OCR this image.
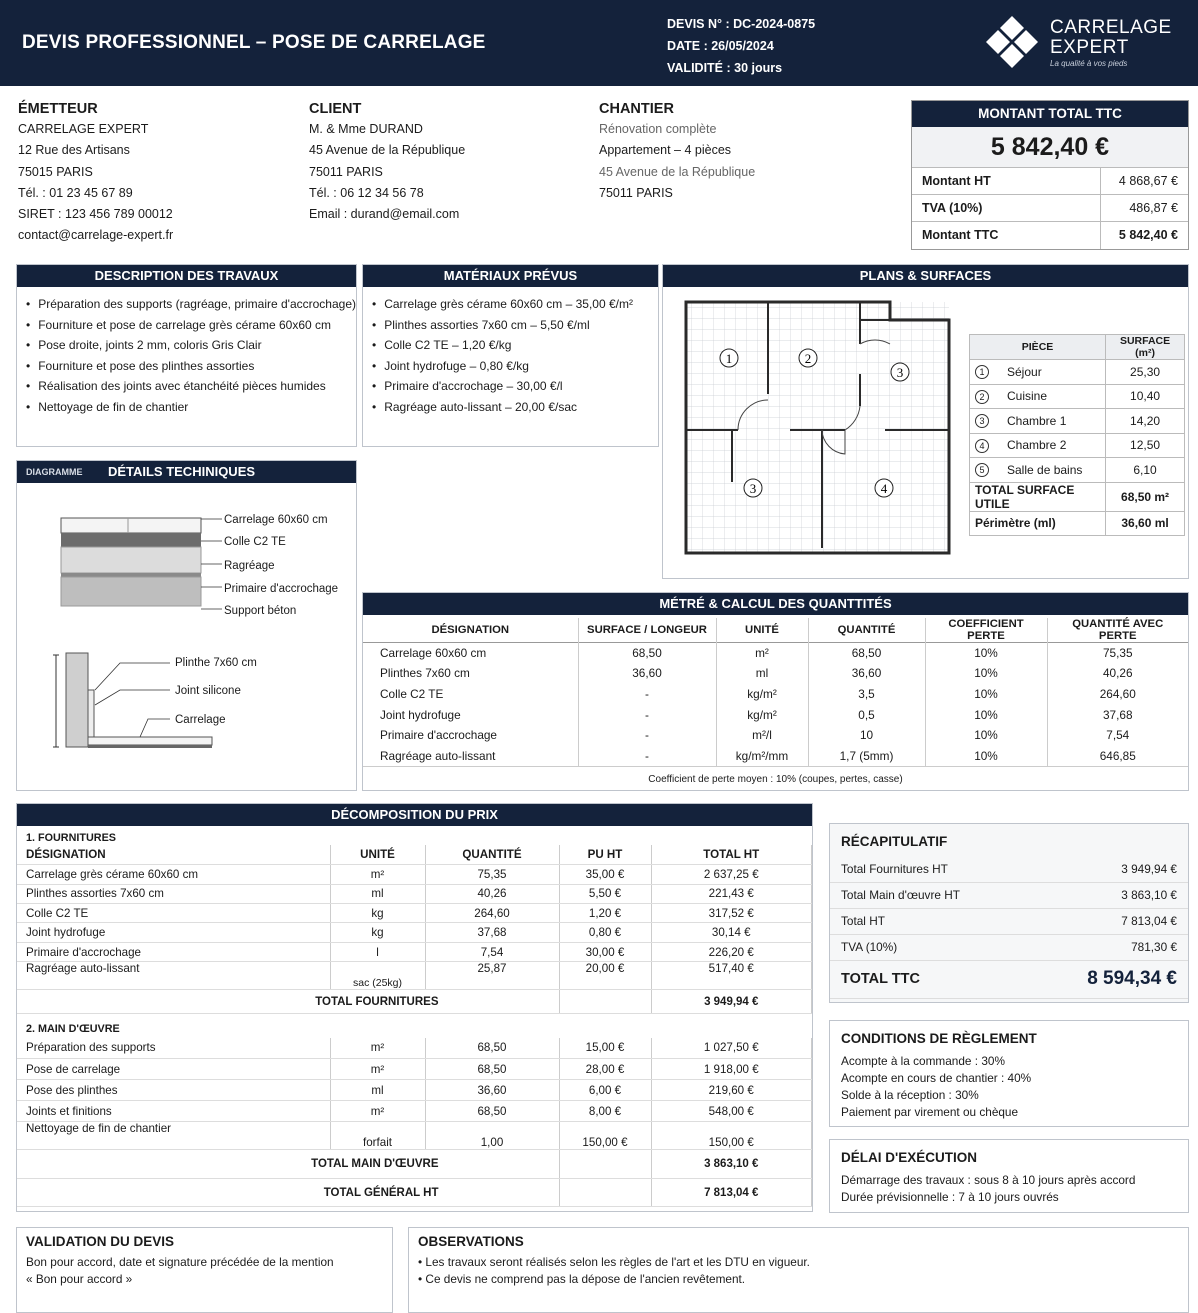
DEVIS PROFESSIONNEL – POSE DE CARRELAGE
DEVIS N° : DC-2024-0875
DATE : 26/05/2024
VALIDITÉ : 30 jours
CARRELAGE
EXPERT
La qualité à vos pieds
ÉMETTEUR
CARRELAGE EXPERT
12 Rue des Artisans
75015 PARIS
Tél. : 01 23 45 67 89
SIRET : 123 456 789 00012
contact@carrelage-expert.fr
CLIENT
M. & Mme DURAND
45 Avenue de la République
75011 PARIS
Tél. : 06 12 34 56 78
Email : durand@email.com
CHANTIER
Rénovation complète
Appartement – 4 pièces
45 Avenue de la République
75011 PARIS
MONTANT TOTAL TTC
5 842,40 €
Montant HT	4 868,67 €
TVA (10%)	486,87 €
Montant TTC	5 842,40 €
DESCRIPTION DES TRAVAUX
• Préparation des supports (ragréage, primaire d'accrochage)
• Fourniture et pose de carrelage grès cérame 60x60 cm
• Pose droite, joints 2 mm, coloris Gris Clair
• Fourniture et pose des plinthes assorties
• Réalisation des joints avec étanchéité pièces humides
• Nettoyage de fin de chantier
MATÉRIAUX PRÉVUS
• Carrelage grès cérame 60x60 cm – 35,00 €/m²
• Plinthes assorties 7x60 cm – 5,50 €/ml
• Colle C2 TE – 1,20 €/kg
• Joint hydrofuge – 0,80 €/kg
• Primaire d'accrochage – 30,00 €/l
• Ragréage auto-lissant – 20,00 €/sac
PLANS & SURFACES
1	2
3
3	4
PIÈCE		SURFACE (m²)
1	Séjour	25,30
2	Cuisine	10,40
3	Chambre 1	14,20
4	Chambre 2	12,50
5	Salle de bains	6,10
TOTAL SURFACE UTILE		68,50 m²
Périmètre (ml)		36,60 ml
DIAGRAMME DÉTAILS TECHINIQUES
Carrelage 60x60 cm
Colle C2 TE
Ragréage
Primaire d'accrochage
Support béton
Plinthe 7x60 cm
Joint silicone
Carrelage
MÉTRÉ & CALCUL DES QUANTTITÉS
DÉSIGNATION	SURFACE / LONGEUR	UNITÉ	QUANTITÉ	COEFFICIENT PERTE	QUANTITÉ AVEC PERTE
Carrelage 60x60 cm	68,50	m²	68,50	10%	75,35
Plinthes 7x60 cm	36,60	ml	36,60	10%	40,26
Colle C2 TE	-	kg/m²	3,5	10%	264,60
Joint hydrofuge	-	kg/m²	0,5	10%	37,68
Primaire d'accrochage	-	m²/l	10	10%	7,54
Ragréage auto-lissant	-	kg/m²/mm	1,7 (5mm)	10%	646,85
Coefficient de perte moyen : 10% (coupes, pertes, casse)
DÉCOMPOSITION DU PRIX
1. FOURNITURES				
DÉSIGNATION	UNITÉ	QUANTITÉ	PU HT	TOTAL HT
Carrelage grès cérame 60x60 cm	m²	75,35	35,00 €	2 637,25 €
Plinthes assorties 7x60 cm	ml	40,26	5,50 €	221,43 €
Colle C2 TE	kg	264,60	1,20 €	317,52 €
Joint hydrofuge	kg	37,68	0,80 €	30,14 €
Primaire d'accrochage	l	7,54	30,00 €	226,20 €
Ragréage auto-lissant	sac (25kg)	25,87	20,00 €	517,40 €
TOTAL FOURNITURES				3 949,94 €
2. MAIN D'ŒUVRE				
Préparation des supports	m²	68,50	15,00 €	1 027,50 €
Pose de carrelage	m²	68,50	28,00 €	1 918,00 €
Pose des plinthes	ml	36,60	6,00 €	219,60 €
Joints et finitions	m²	68,50	8,00 €	548,00 €
Nettoyage de fin de chantier	forfait	1,00	150,00 €	150,00 €
TOTAL MAIN D'ŒUVRE				3 863,10 €
TOTAL GÉNÉRAL HT				7 813,04 €
RÉCAPITULATIF
Total Fournitures HT	3 949,94 €
Total Main d'œuvre HT	3 863,10 €
Total HT	7 813,04 €
TVA (10%)	781,30 €
TOTAL TTC	8 594,34 €
CONDITIONS DE RÈGLEMENT

Acompte à la commande : 30%

Acompte en cours de chantier : 40%

Solde à la réception : 30%

Paiement par virement ou chèque

DÉLAI D'EXÉCUTION

Démarrage des travaux : sous 8 à 10 jours après accord

Durée prévisionnelle : 7 à 10 jours ouvrés

VALIDATION DU DEVIS

Bon pour accord, date et signature précédée de la mention

« Bon pour accord »

OBSERVATIONS

• Les travaux seront réalisés selon les règles de l'art et les DTU en vigueur.

• Ce devis ne comprend pas la dépose de l'ancien revêtement.
